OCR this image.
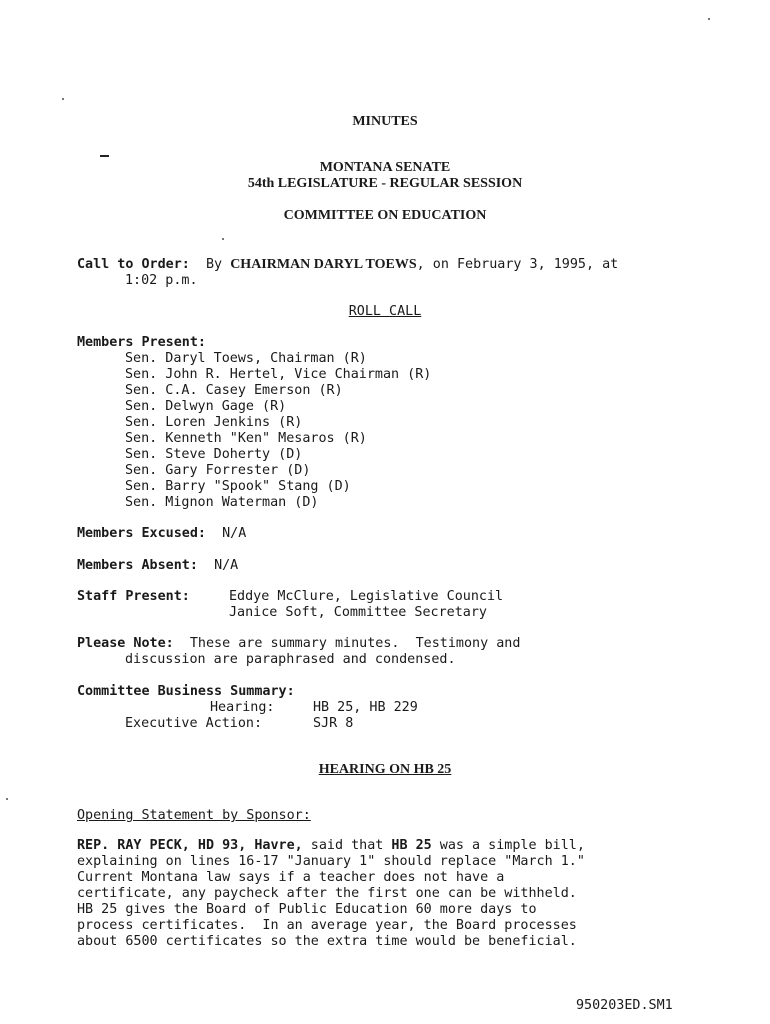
MINUTES
MONTANA SENATE
54th LEGISLATURE - REGULAR SESSION
COMMITTEE ON EDUCATION
Call to Order: By CHAIRMAN DARYL TOEWS, on February 3, 1995, at
1:02 p.m.
ROLL CALL
Members Present:
Sen. Daryl Toews, Chairman (R)
Sen. John R. Hertel, Vice Chairman (R)
Sen. C.A. Casey Emerson (R)
Sen. Delwyn Gage (R)
Sen. Loren Jenkins (R)
Sen. Kenneth "Ken" Mesaros (R)
Sen. Steve Doherty (D)
Sen. Gary Forrester (D)
Sen. Barry "Spook" Stang (D)
Sen. Mignon Waterman (D)
Members Excused: N/A
Members Absent: N/A
Staff Present:	Eddye McClure, Legislative Council
Janice Soft, Committee Secretary
Please Note: These are summary minutes.  Testimony and
discussion are paraphrased and condensed.
Committee Business Summary:
Hearing:	HB 25, HB 229
Executive Action:	SJR 8
HEARING ON HB 25
Opening Statement by Sponsor:
REP. RAY PECK, HD 93, Havre, said that HB 25 was a simple bill,
explaining on lines 16-17 "January 1" should replace "March 1."
Current Montana law says if a teacher does not have a
certificate, any paycheck after the first one can be withheld.
HB 25 gives the Board of Public Education 60 more days to
process certificates.  In an average year, the Board processes
about 6500 certificates so the extra time would be beneficial.
950203ED.SM1
